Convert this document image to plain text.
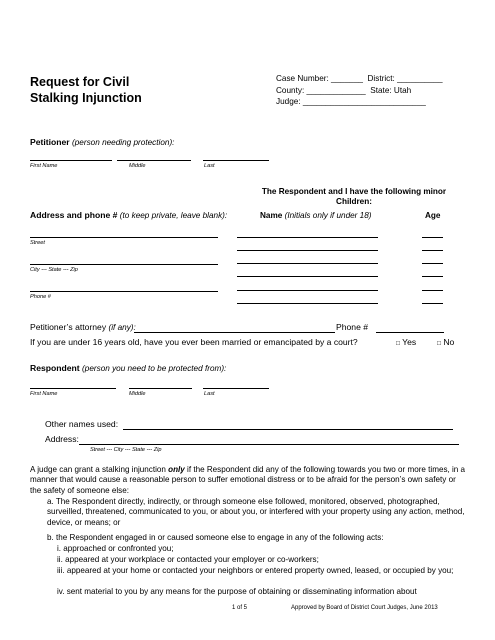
Request for Civil
Stalking Injunction
Case Number: _______ District: __________
County: _____________ State: Utah
Judge: ___________________________
Petitioner (person needing protection):
First Name	Middle	Last
The Respondent and I have the following minor
Children:
Address and phone # (to keep private, leave blank):	Name (Initials only if under 18)	Age
Street
City --- State --- Zip
Phone #
Petitioner’s attorney (if any):	Phone #
If you are under 16 years old, have you ever been married or emancipated by a court?	□ Yes	□ No
Respondent (person you need to be protected from):
First Name	Middle	Last
Other names used:
Address:
Street --- City --- State --- Zip
A judge can grant a stalking injunction only if the Respondent did any of the following towards you two or more times, in a manner that would cause a reasonable person to suffer emotional distress or to be afraid for the person’s own safety or the safety of someone else:
a. The Respondent directly, indirectly, or through someone else followed, monitored, observed, photographed, surveilled, threatened, communicated to you, or about you, or interfered with your property using any action, method, device, or means; or
b. the Respondent engaged in or caused someone else to engage in any of the following acts:
i. approached or confronted you;
ii. appeared at your workplace or contacted your employer or co-workers;
iii. appeared at your home or contacted your neighbors or entered property owned, leased, or occupied by you;
iv. sent material to you by any means for the purpose of obtaining or disseminating information about
1 of 5	Approved by Board of District Court Judges, June 2013
